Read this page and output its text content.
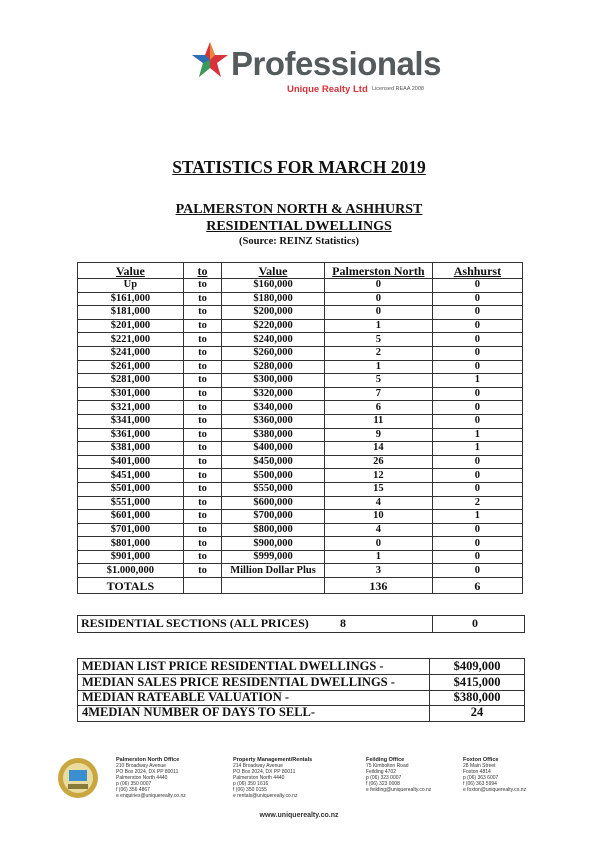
Professionals
Unique Realty Ltd Licensed REAA 2008
STATISTICS FOR MARCH 2019
PALMERSTON NORTH & ASHHURST
RESIDENTIAL DWELLINGS
(Source: REINZ Statistics)
Value	to	Value	Palmerston North	Ashhurst
Up	to	$160,000	0	0
$161,000	to	$180,000	0	0
$181,000	to	$200,000	0	0
$201,000	to	$220,000	1	0
$221,000	to	$240,000	5	0
$241,000	to	$260,000	2	0
$261,000	to	$280,000	1	0
$281,000	to	$300,000	5	1
$301,000	to	$320,000	7	0
$321,000	to	$340,000	6	0
$341,000	to	$360,000	11	0
$361,000	to	$380,000	9	1
$381,000	to	$400,000	14	1
$401,000	to	$450,000	26	0
$451,000	to	$500,000	12	0
$501,000	to	$550,000	15	0
$551,000	to	$600,000	4	2
$601,000	to	$700,000	10	1
$701,000	to	$800,000	4	0
$801,000	to	$900,000	0	0
$901,000	to	$999,000	1	0
$1.000,000	to	Million Dollar Plus	3	0
TOTALS			136	6
RESIDENTIAL SECTIONS (ALL PRICES)	8	0
MEDIAN LIST PRICE RESIDENTIAL DWELLINGS -	$409,000
MEDIAN SALES PRICE RESIDENTIAL DWELLINGS -	$415,000
MEDIAN RATEABLE VALUATION -	$380,000
4MEDIAN NUMBER OF DAYS TO SELL-	24
Palmerston North Office
210 Broadway Avenue
PO Box 2024, DX PP 80011
Palmerston North 4440
p (06) 350 0007
f (06) 356 4867
e enquiries@uniquerealty.co.nz
Property Management/Rentals
214 Broadway Avenue
PO Box 2024, DX PP 80011
Palmerston North 4440
p (06) 350 1616
f (06) 350 0155
e rentals@uniquerealty.co.nz
Feilding Office
75 Kimbolton Road
Feilding 4702
p (06) 323 0007
f (06) 323 0008
e feilding@uniquerealty.co.nz
Foxton Office
28 Main Street
Foxton 4814
p (06) 363 6007
f (06) 363 5994
e foxton@uniquerealty.co.nz
www.uniquerealty.co.nz
